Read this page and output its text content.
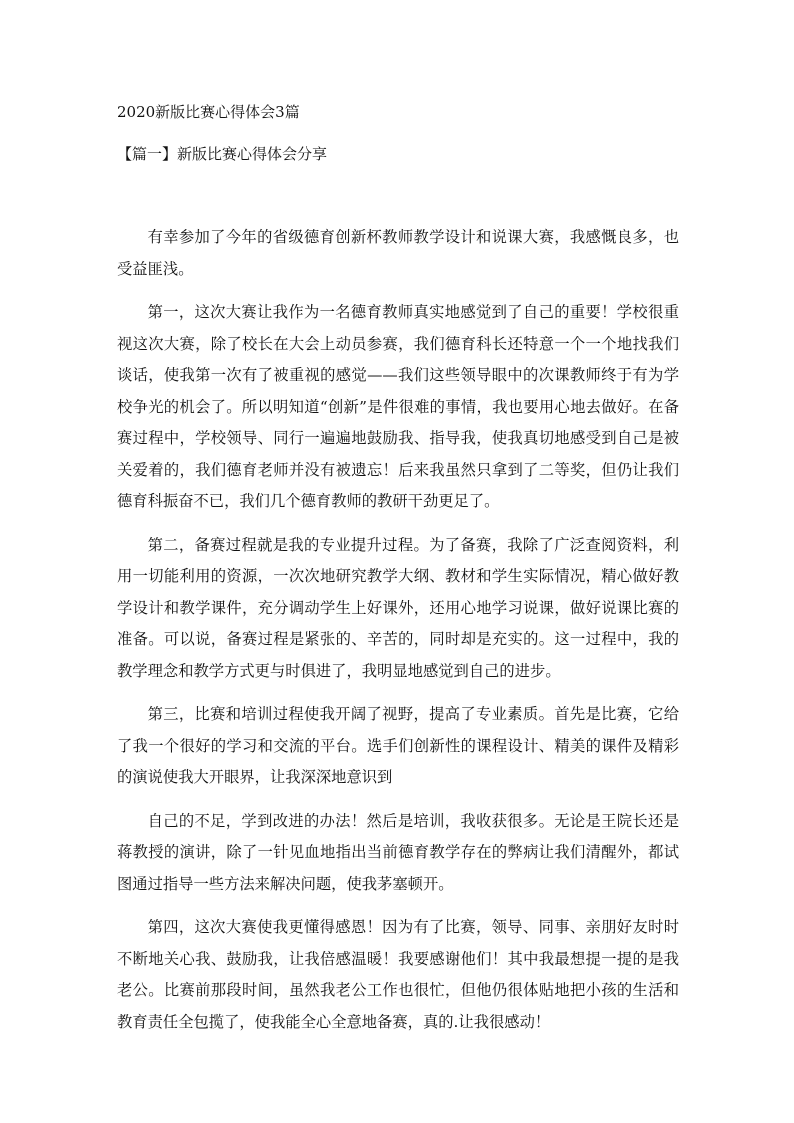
2020新版比赛心得体会3篇
【篇一】新版比赛心得体会分享

有幸参加了今年的省级德育创新杯教师教学设计和说课大赛，我感慨良多，也受益匪浅。

第一，这次大赛让我作为一名德育教师真实地感觉到了自己的重要！学校很重视这次大赛，除了校长在大会上动员参赛，我们德育科长还特意一个一个地找我们谈话，使我第一次有了被重视的感觉——我们这些领导眼中的次课教师终于有为学校争光的机会了。所以明知道“创新”是件很难的事情，我也要用心地去做好。在备赛过程中，学校领导、同行一遍遍地鼓励我、指导我，使我真切地感受到自己是被关爱着的，我们德育老师并没有被遗忘！后来我虽然只拿到了二等奖，但仍让我们德育科振奋不已，我们几个德育教师的教研干劲更足了。

第二，备赛过程就是我的专业提升过程。为了备赛，我除了广泛查阅资料，利用一切能利用的资源，一次次地研究教学大纲、教材和学生实际情况，精心做好教学设计和教学课件，充分调动学生上好课外，还用心地学习说课，做好说课比赛的准备。可以说，备赛过程是紧张的、辛苦的，同时却是充实的。这一过程中，我的教学理念和教学方式更与时俱进了，我明显地感觉到自己的进步。

第三，比赛和培训过程使我开阔了视野，提高了专业素质。首先是比赛，它给了我一个很好的学习和交流的平台。选手们创新性的课程设计、精美的课件及精彩的演说使我大开眼界，让我深深地意识到

自己的不足，学到改进的办法！然后是培训，我收获很多。无论是王院长还是蒋教授的演讲，除了一针见血地指出当前德育教学存在的弊病让我们清醒外，都试图通过指导一些方法来解决问题，使我茅塞顿开。

第四，这次大赛使我更懂得感恩！因为有了比赛，领导、同事、亲朋好友时时不断地关心我、鼓励我，让我倍感温暖！我要感谢他们！其中我最想提一提的是我老公。比赛前那段时间，虽然我老公工作也很忙，但他仍很体贴地把小孩的生活和教育责任全包揽了，使我能全心全意地备赛，真的.让我很感动！
